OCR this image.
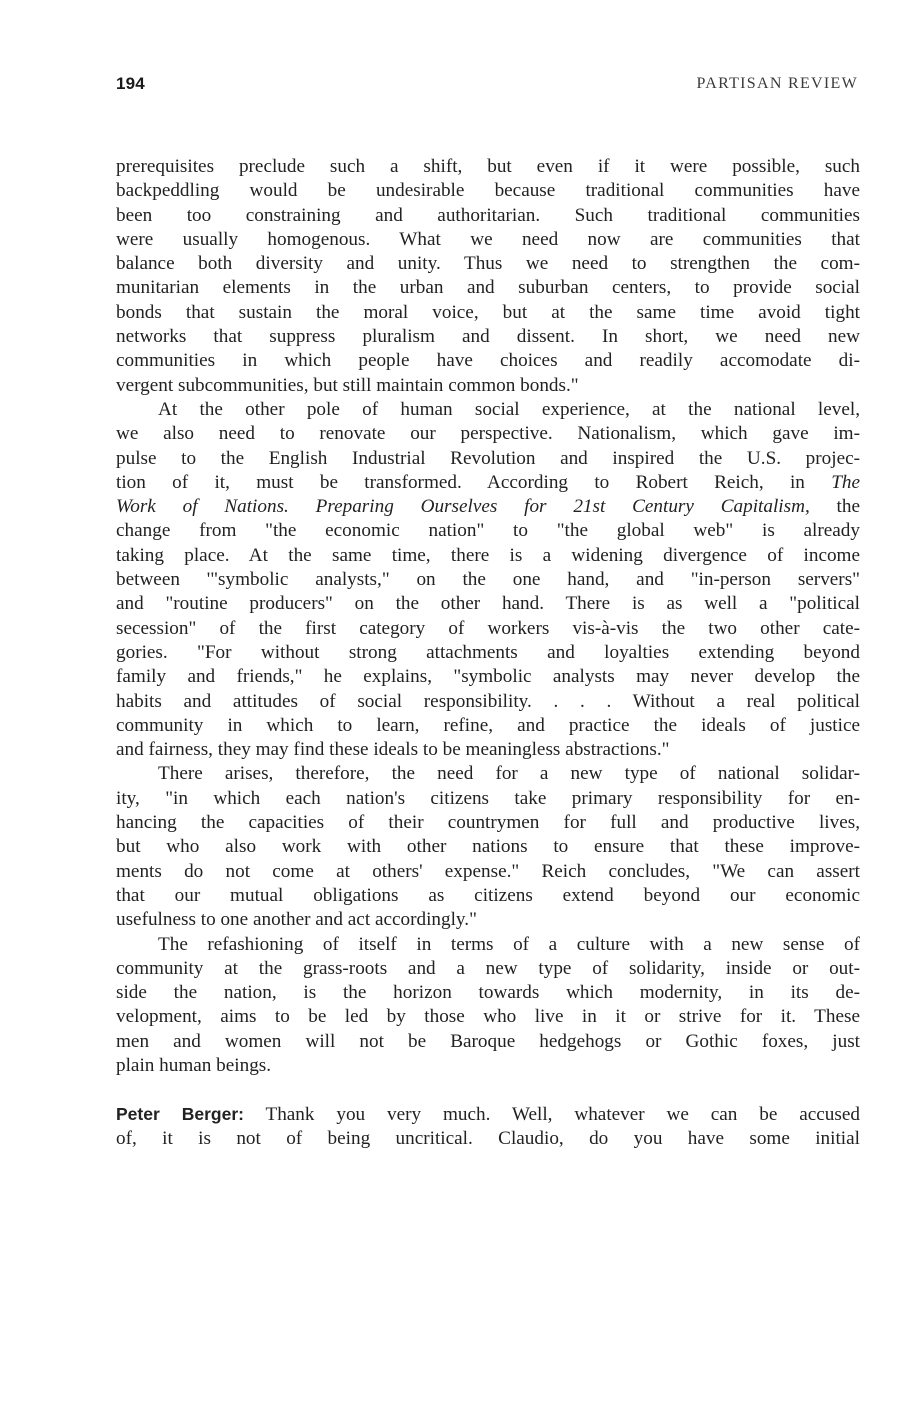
194	PARTISAN REVIEW
prerequisites preclude such a shift, but even if it were possible, such
backpeddling would be undesirable because traditional communities have
been too constraining and authoritarian. Such traditional communities
were usually homogenous. What we need now are communities that
balance both diversity and unity. Thus we need to strengthen the com-
munitarian elements in the urban and suburban centers, to provide social
bonds that sustain the moral voice, but at the same time avoid tight
networks that suppress pluralism and dissent. In short, we need new
communities in which people have choices and readily accomodate di-
vergent subcommunities, but still maintain common bonds."
At the other pole of human social experience, at the national level,
we also need to renovate our perspective. Nationalism, which gave im-
pulse to the English Industrial Revolution and inspired the U.S. projec-
tion of it, must be transformed. According to Robert Reich, in The
Work of Nations. Preparing Ourselves for 21st Century Capitalism, the
change from "the economic nation" to "the global web" is already
taking place. At the same time, there is a widening divergence of income
between '"symbolic analysts," on the one hand, and "in-person servers"
and "routine producers" on the other hand. There is as well a "political
secession" of the first category of workers vis-à-vis the two other cate-
gories. "For without strong attachments and loyalties extending beyond
family and friends," he explains, "symbolic analysts may never develop the
habits and attitudes of social responsibility. . . . Without a real political
community in which to learn, refine, and practice the ideals of justice
and fairness, they may find these ideals to be meaningless abstractions."
There arises, therefore, the need for a new type of national solidar-
ity, "in which each nation's citizens take primary responsibility for en-
hancing the capacities of their countrymen for full and productive lives,
but who also work with other nations to ensure that these improve-
ments do not come at others' expense." Reich concludes, "We can assert
that our mutual obligations as citizens extend beyond our economic
usefulness to one another and act accordingly."
The refashioning of itself in terms of a culture with a new sense of
community at the grass-roots and a new type of solidarity, inside or out-
side the nation, is the horizon towards which modernity, in its de-
velopment, aims to be led by those who live in it or strive for it. These
men and women will not be Baroque hedgehogs or Gothic foxes, just
plain human beings.
Peter Berger: Thank you very much. Well, whatever we can be accused
of, it is not of being uncritical. Claudio, do you have some initial
